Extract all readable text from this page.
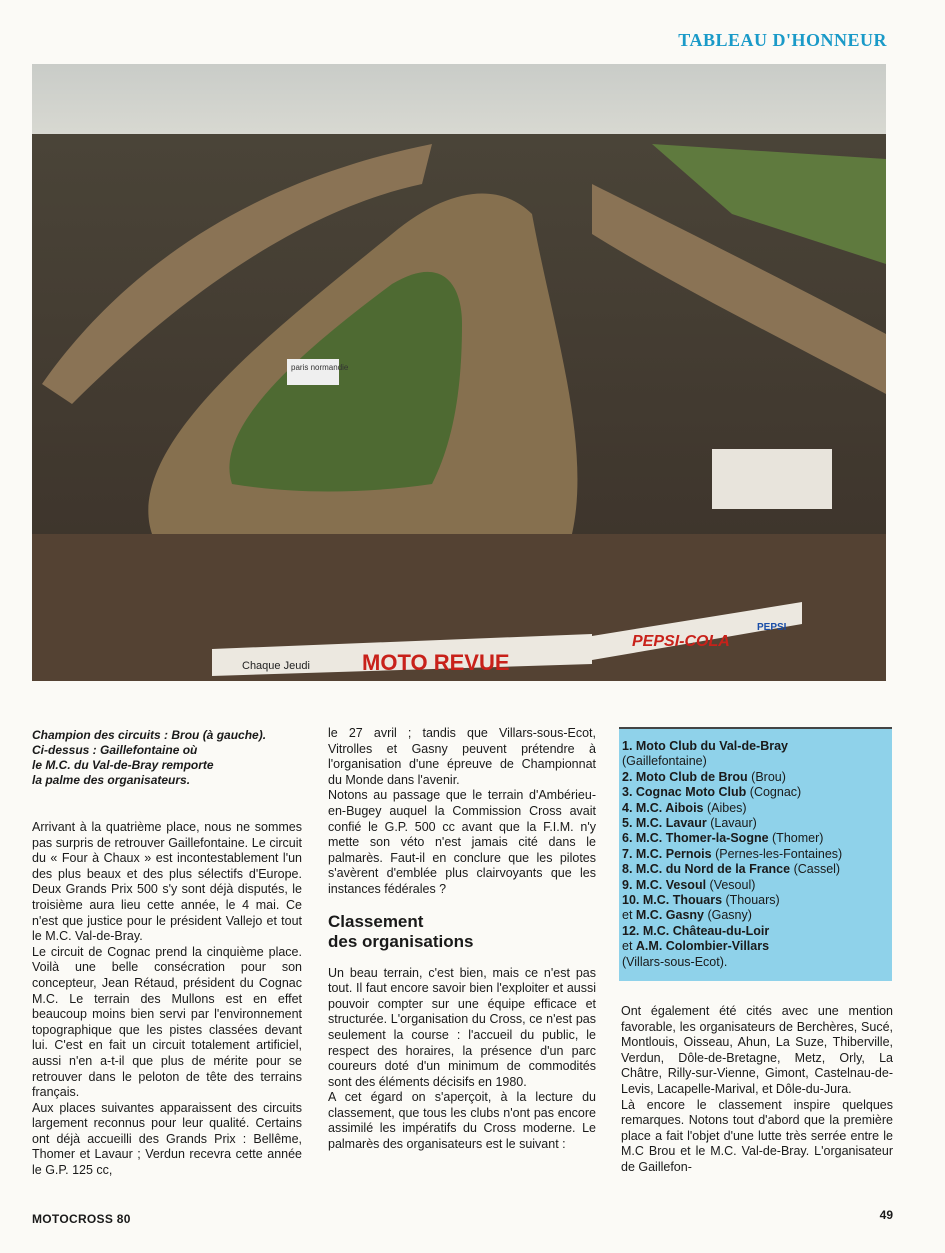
TABLEAU D'HONNEUR
paris normandie
Chaque Jeudi MOTO REVUE
PEPSI-COLA
PEPSI
Champion des circuits : Brou (à gauche).
Ci-dessus : Gaillefontaine où
le M.C. du Val-de-Bray remporte
la palme des organisateurs.

Arrivant à la quatrième place, nous ne sommes pas surpris de retrouver Gaillefontaine. Le circuit du « Four à Chaux » est incontestablement l'un des plus beaux et des plus sélectifs d'Europe. Deux Grands Prix 500 s'y sont déjà disputés, le troisième aura lieu cette année, le 4 mai. Ce n'est que justice pour le président Vallejo et tout le M.C. Val-de-Bray.

Le circuit de Cognac prend la cinquième place. Voilà une belle consécration pour son concepteur, Jean Rétaud, président du Cognac M.C. Le terrain des Mullons est en effet beaucoup moins bien servi par l'environnement topographique que les pistes classées devant lui. C'est en fait un circuit totalement artificiel, aussi n'en a-t-il que plus de mérite pour se retrouver dans le peloton de tête des terrains français.

Aux places suivantes apparaissent des circuits largement reconnus pour leur qualité. Certains ont déjà accueilli des Grands Prix : Bellême, Thomer et Lavaur ; Verdun recevra cette année le G.P. 125 cc,

le 27 avril ; tandis que Villars-sous-Ecot, Vitrolles et Gasny peuvent prétendre à l'organisation d'une épreuve de Championnat du Monde dans l'avenir.

Notons au passage que le terrain d'Ambérieu-en-Bugey auquel la Commission Cross avait confié le G.P. 500 cc avant que la F.I.M. n'y mette son véto n'est jamais cité dans le palmarès. Faut-il en conclure que les pilotes s'avèrent d'emblée plus clairvoyants que les instances fédérales ?

Classement
des organisations

Un beau terrain, c'est bien, mais ce n'est pas tout. Il faut encore savoir bien l'exploiter et aussi pouvoir compter sur une équipe efficace et structurée. L'organisation du Cross, ce n'est pas seulement la course : l'accueil du public, le respect des horaires, la présence d'un parc coureurs doté d'un minimum de commodités sont des éléments décisifs en 1980.

A cet égard on s'aperçoit, à la lecture du classement, que tous les clubs n'ont pas encore assimilé les impératifs du Cross moderne. Le palmarès des organisateurs est le suivant :

1. Moto Club du Val-de-Bray
(Gaillefontaine)
2. Moto Club de Brou (Brou)
3. Cognac Moto Club (Cognac)
4. M.C. Aibois (Aibes)
5. M.C. Lavaur (Lavaur)
6. M.C. Thomer-la-Sogne (Thomer)
7. M.C. Pernois (Pernes-les-Fontaines)
8. M.C. du Nord de la France (Cassel)
9. M.C. Vesoul (Vesoul)
10. M.C. Thouars (Thouars)
et M.C. Gasny (Gasny)
12. M.C. Château-du-Loir
et A.M. Colombier-Villars
(Villars-sous-Ecot).

Ont également été cités avec une mention favorable, les organisateurs de Berchères, Sucé, Montlouis, Oisseau, Ahun, La Suze, Thiberville, Verdun, Dôle-de-Bretagne, Metz, Orly, La Châtre, Rilly-sur-Vienne, Gimont, Castelnau-de-Levis, Lacapelle-Marival, et Dôle-du-Jura.

Là encore le classement inspire quelques remarques. Notons tout d'abord que la première place a fait l'objet d'une lutte très serrée entre le M.C Brou et le M.C. Val-de-Bray. L'organisateur de Gaillefon-

MOTOCROSS 80	49
